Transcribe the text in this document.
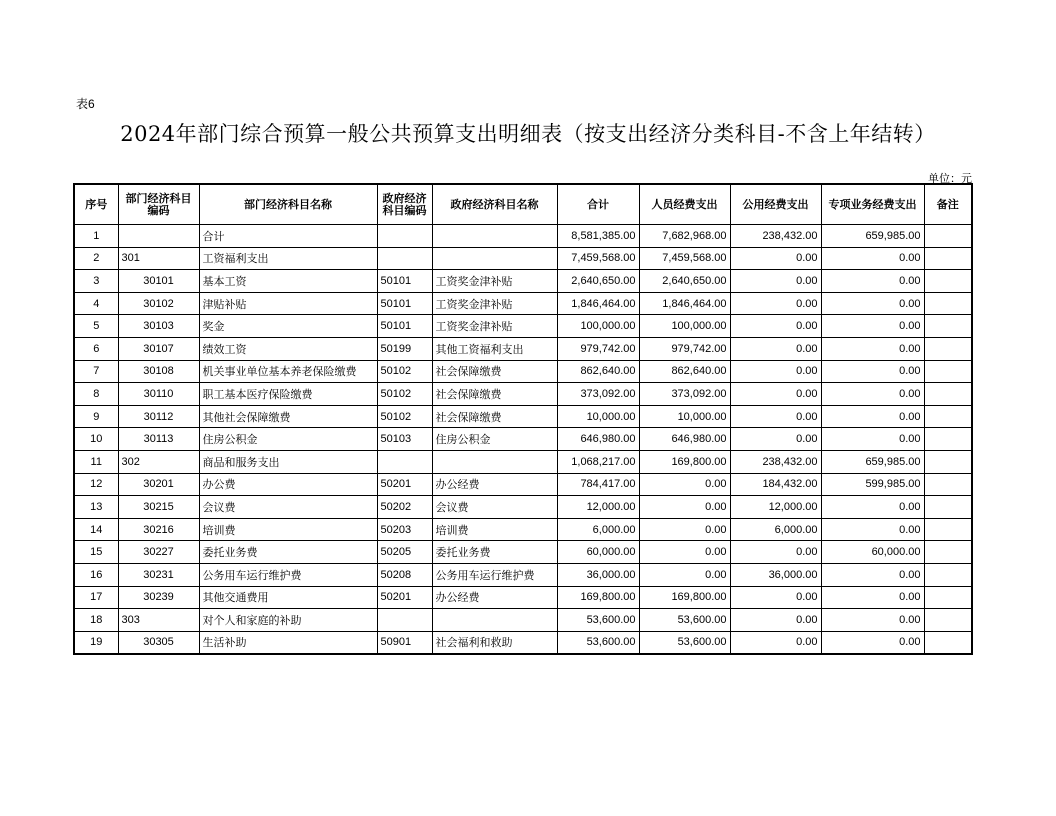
表6
2024年部门综合预算一般公共预算支出明细表（按支出经济分类科目-不含上年结转）
单位：元
序号	部门经济科目编码	部门经济科目名称	政府经济科目编码	政府经济科目名称	合计	人员经费支出	公用经费支出	专项业务经费支出	备注
1		合计			8,581,385.00	7,682,968.00	238,432.00	659,985.00	
2	301	工资福利支出			7,459,568.00	7,459,568.00	0.00	0.00	
3	30101	基本工资	50101	工资奖金津补贴	2,640,650.00	2,640,650.00	0.00	0.00	
4	30102	津贴补贴	50101	工资奖金津补贴	1,846,464.00	1,846,464.00	0.00	0.00	
5	30103	奖金	50101	工资奖金津补贴	100,000.00	100,000.00	0.00	0.00	
6	30107	绩效工资	50199	其他工资福利支出	979,742.00	979,742.00	0.00	0.00	
7	30108	机关事业单位基本养老保险缴费	50102	社会保障缴费	862,640.00	862,640.00	0.00	0.00	
8	30110	职工基本医疗保险缴费	50102	社会保障缴费	373,092.00	373,092.00	0.00	0.00	
9	30112	其他社会保障缴费	50102	社会保障缴费	10,000.00	10,000.00	0.00	0.00	
10	30113	住房公积金	50103	住房公积金	646,980.00	646,980.00	0.00	0.00	
11	302	商品和服务支出			1,068,217.00	169,800.00	238,432.00	659,985.00	
12	30201	办公费	50201	办公经费	784,417.00	0.00	184,432.00	599,985.00	
13	30215	会议费	50202	会议费	12,000.00	0.00	12,000.00	0.00	
14	30216	培训费	50203	培训费	6,000.00	0.00	6,000.00	0.00	
15	30227	委托业务费	50205	委托业务费	60,000.00	0.00	0.00	60,000.00	
16	30231	公务用车运行维护费	50208	公务用车运行维护费	36,000.00	0.00	36,000.00	0.00	
17	30239	其他交通费用	50201	办公经费	169,800.00	169,800.00	0.00	0.00	
18	303	对个人和家庭的补助			53,600.00	53,600.00	0.00	0.00	
19	30305	生活补助	50901	社会福利和救助	53,600.00	53,600.00	0.00	0.00	
